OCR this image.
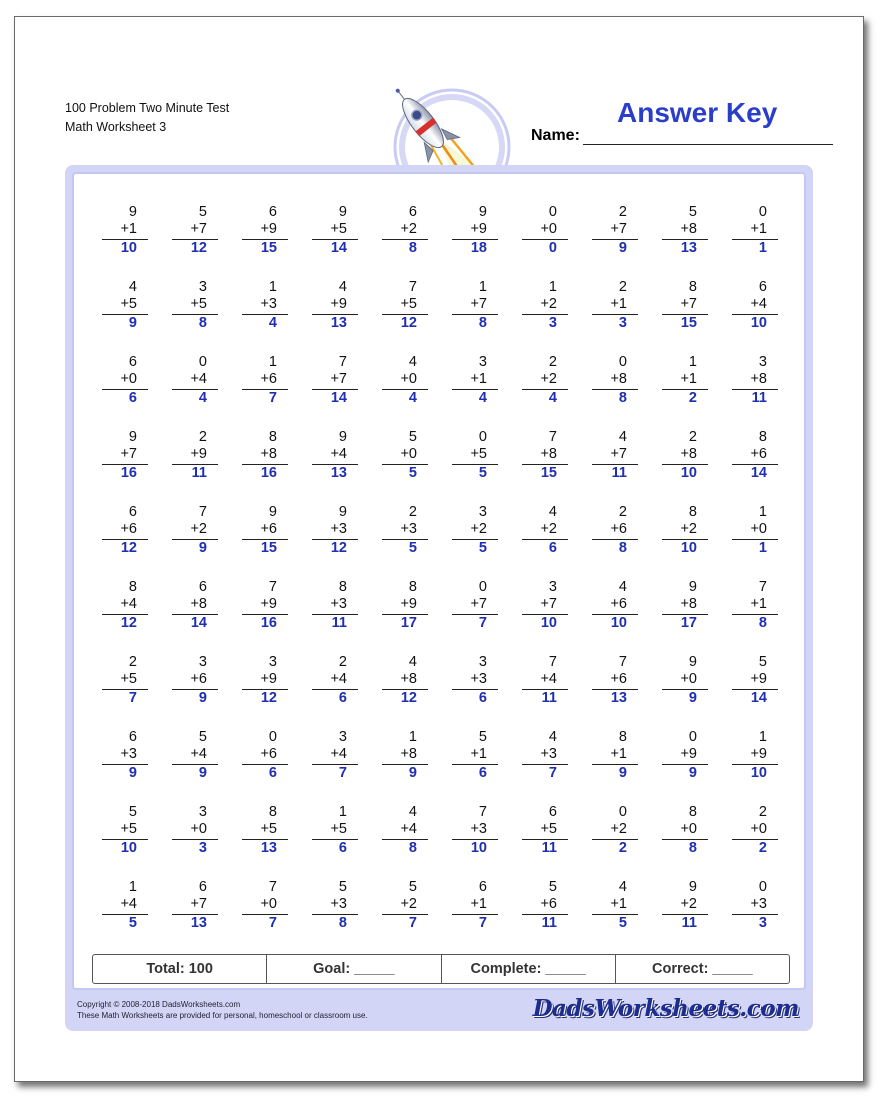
100 Problem Two Minute Test
Math Worksheet 3	Name:
Answer Key
9
+1
10
5
+7
12
6
+9
15
9
+5
14
6
+2
8
9
+9
18
0
+0
0
2
+7
9
5
+8
13
0
+1
1
4
+5
9
3
+5
8
1
+3
4
4
+9
13
7
+5
12
1
+7
8
1
+2
3
2
+1
3
8
+7
15
6
+4
10
6
+0
6
0
+4
4
1
+6
7
7
+7
14
4
+0
4
3
+1
4
2
+2
4
0
+8
8
1
+1
2
3
+8
11
9
+7
16
2
+9
11
8
+8
16
9
+4
13
5
+0
5
0
+5
5
7
+8
15
4
+7
11
2
+8
10
8
+6
14
6
+6
12
7
+2
9
9
+6
15
9
+3
12
2
+3
5
3
+2
5
4
+2
6
2
+6
8
8
+2
10
1
+0
1
8
+4
12
6
+8
14
7
+9
16
8
+3
11
8
+9
17
0
+7
7
3
+7
10
4
+6
10
9
+8
17
7
+1
8
2
+5
7
3
+6
9
3
+9
12
2
+4
6
4
+8
12
3
+3
6
7
+4
11
7
+6
13
9
+0
9
5
+9
14
6
+3
9
5
+4
9
0
+6
6
3
+4
7
1
+8
9
5
+1
6
4
+3
7
8
+1
9
0
+9
9
1
+9
10
5
+5
10
3
+0
3
8
+5
13
1
+5
6
4
+4
8
7
+3
10
6
+5
11
0
+2
2
8
+0
8
2
+0
2
1
+4
5
6
+7
13
7
+0
7
5
+3
8
5
+2
7
6
+1
7
5
+6
11
4
+1
5
9
+2
11
0
+3
3
Total: 100	Goal: _____	Complete: _____	Correct: _____
Copyright © 2008-2018 DadsWorksheets.com
These Math Worksheets are provided for personal, homeschool or classroom use.	DadsWorksheets.com
